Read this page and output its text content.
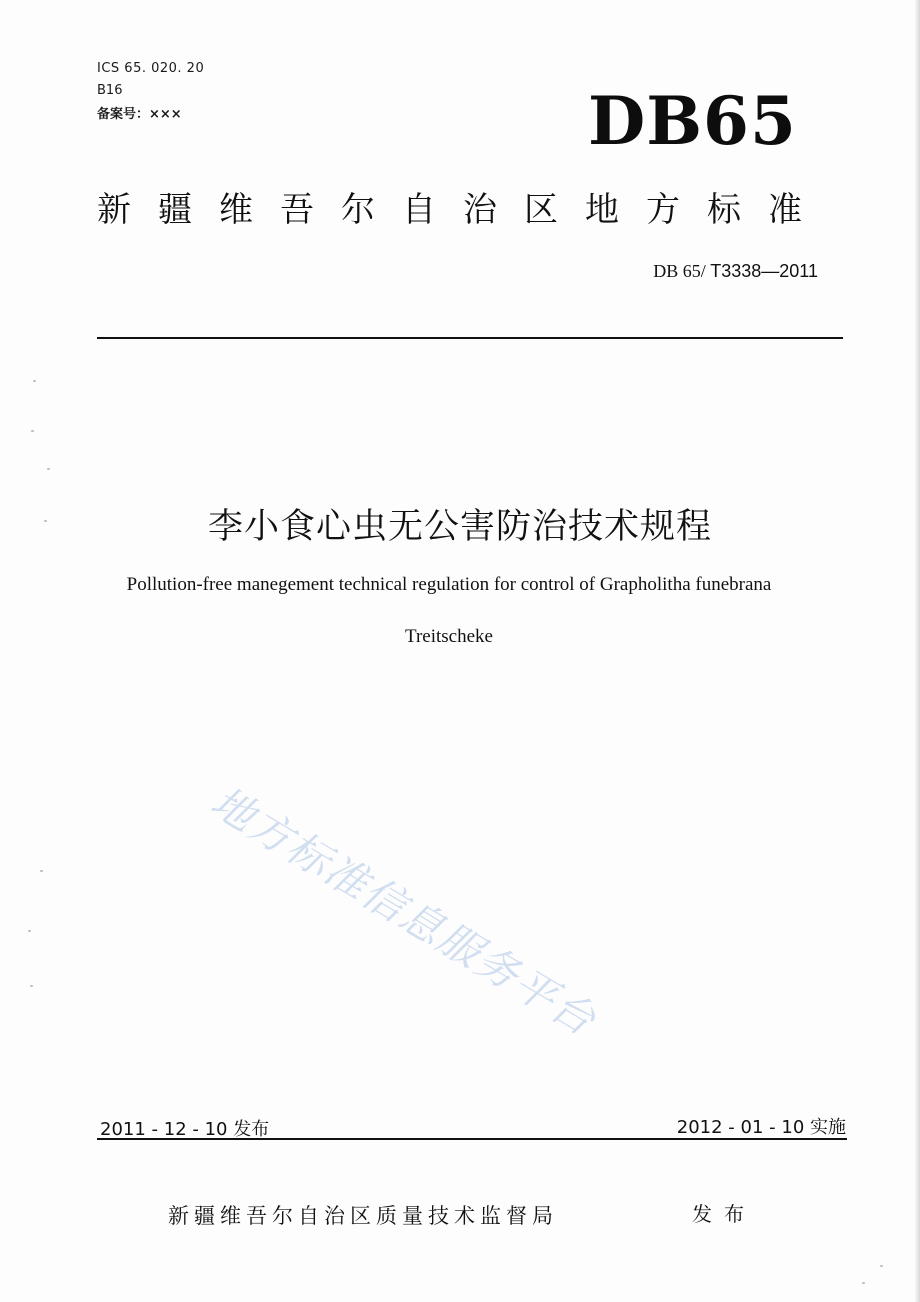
ICS 65. 020. 20
B16
备案号：×××	DB65
新疆维吾尔自治区地方标准
DB 65/ T3338—2011
李小食心虫无公害防治技术规程
Pollution-free manegement technical regulation for control of Grapholitha funebrana
Treitscheke
地方标准信息服务平台
2011 - 12 - 10 发布	2012 - 01 - 10 实施
新疆维吾尔自治区质量技术监督局	发布
